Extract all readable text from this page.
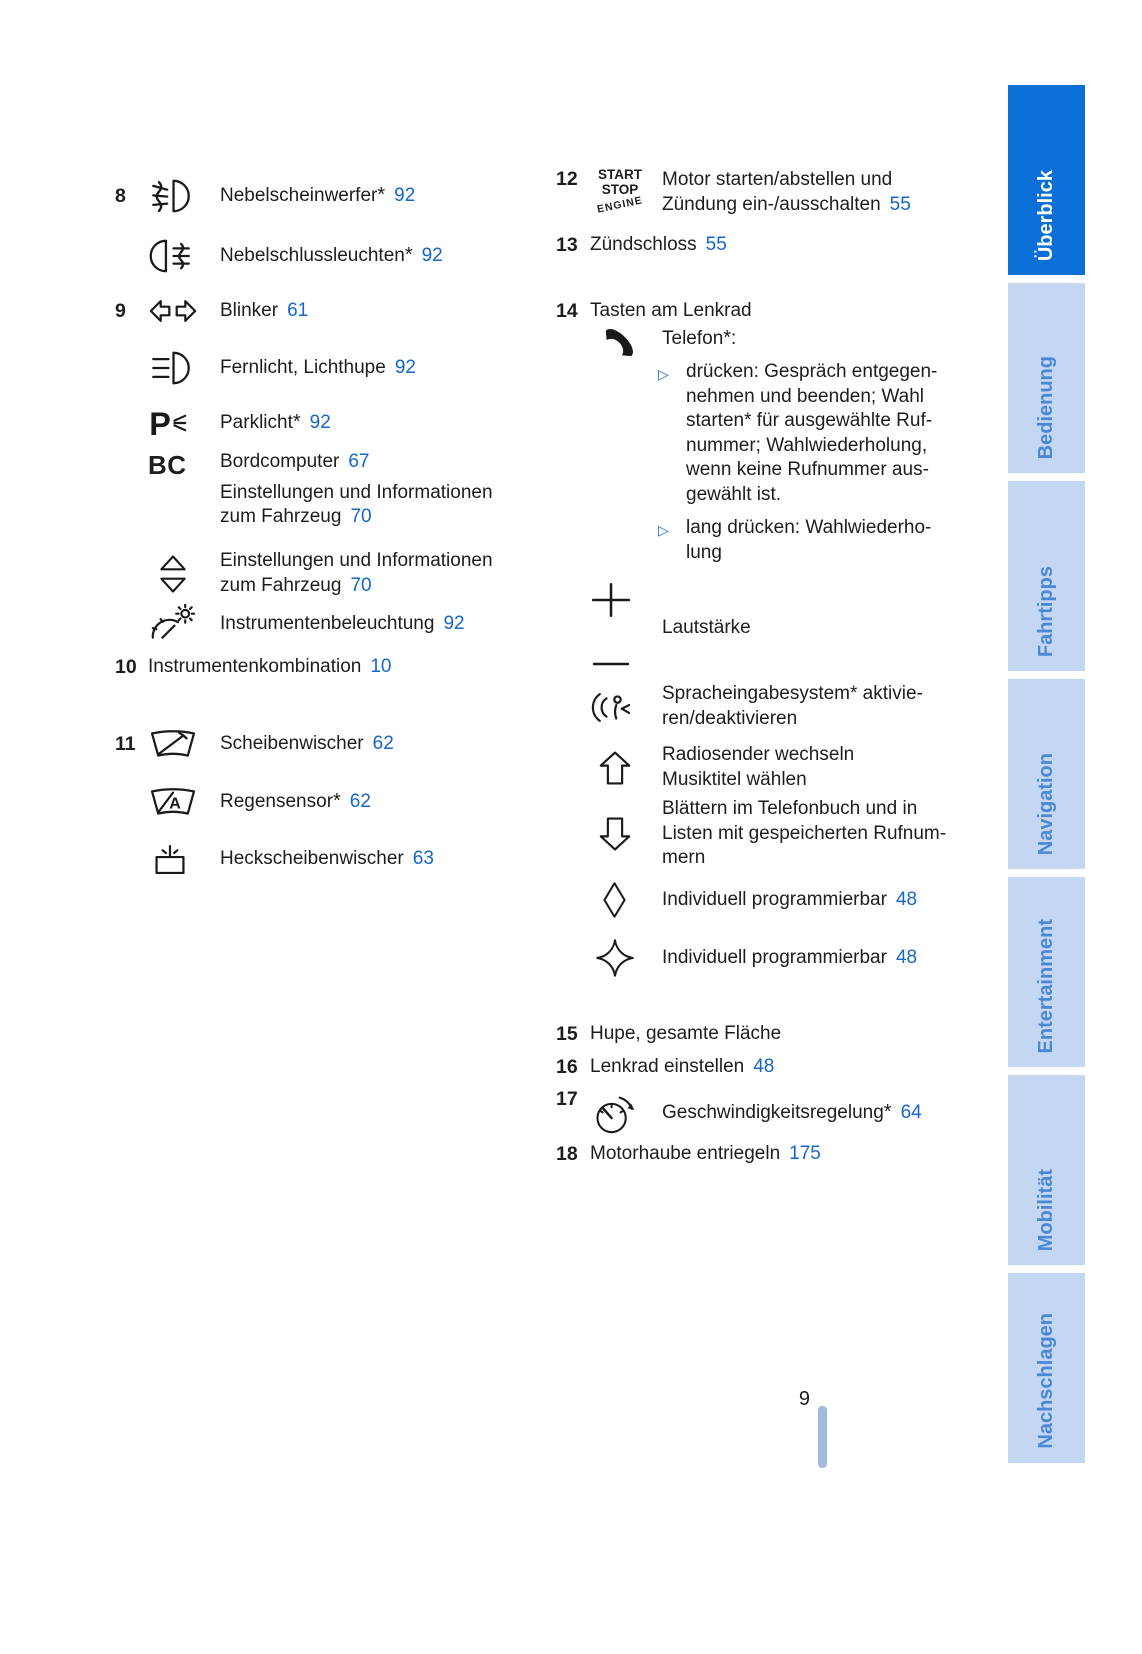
8	Nebelscheinwerfer* 92
Nebelschlussleuchten* 92
9	Blinker 61
Fernlicht, Lichthupe 92
P	Parklicht* 92
BC Bordcomputer 67
Einstellungen und Informationen
zum Fahrzeug 70
Einstellungen und Informationen
zum Fahrzeug 70
Instrumentenbeleuchtung 92
10 Instrumentenkombination 10
11	Scheibenwischer 62
A Regensensor* 62
Heckscheibenwischer 63
12	START
STOP
ENGINE
Motor starten/abstellen und
Zündung ein-/ausschalten 55
13 Zündschloss 55
14 Tasten am Lenkrad
Telefon*:
▷ drücken: Gespräch entgegen-
nehmen und beenden; Wahl
starten* für ausgewählte Ruf-
nummer; Wahlwiederholung,
wenn keine Rufnummer aus-
gewählt ist.
▷ lang drücken: Wahlwiederho-
lung
Lautstärke
Spracheingabesystem* aktivie-
ren/deaktivieren
Radiosender wechseln
Musiktitel wählen
Blättern im Telefonbuch und in
Listen mit gespeicherten Rufnum-
mern
Individuell programmierbar 48
Individuell programmierbar 48
15 Hupe, gesamte Fläche
16 Lenkrad einstellen 48
17
Geschwindigkeitsregelung* 64
18 Motorhaube entriegeln 175
9
Überblick
Bedienung
Fahrtipps
Navigation
Entertainment
Mobilität
Nachschlagen
